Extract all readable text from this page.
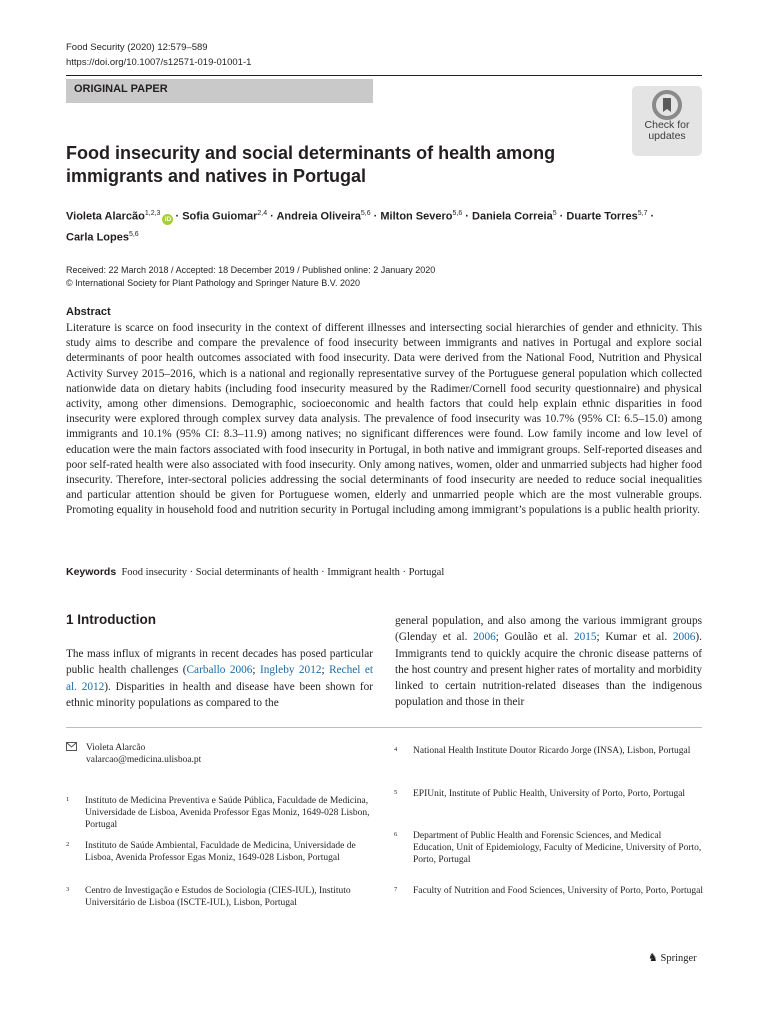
Food Security (2020) 12:579–589
https://doi.org/10.1007/s12571-019-01001-1
ORIGINAL PAPER
Check for updates
Food insecurity and social determinants of health among immigrants and natives in Portugal
Violeta Alarcão$^{1,2,3}$iD · Sofia Guiomar$^{2,4}$ · Andreia Oliveira$^{5,6}$ · Milton Severo$^{5,6}$ · Daniela Correia$^5$ · Duarte Torres$^{5,7}$ ·
Carla Lopes$^{5,6}$
Received: 22 March 2018 / Accepted: 18 December 2019 / Published online: 2 January 2020
© International Society for Plant Pathology and Springer Nature B.V. 2020
Abstract
Literature is scarce on food insecurity in the context of different illnesses and intersecting social hierarchies of gender and ethnicity. This study aims to describe and compare the prevalence of food insecurity between immigrants and natives in Portugal and explore social determinants of poor health outcomes associated with food insecurity. Data were derived from the National Food, Nutrition and Physical Activity Survey 2015–2016, which is a national and regionally representative survey of the Portuguese general population which collected nationwide data on dietary habits (including food insecurity measured by the Radimer/Cornell food security questionnaire) and physical activity, among other dimensions. Demographic, socioeconomic and health factors that could help explain ethnic disparities in food insecurity were explored through complex survey data analysis. The prevalence of food insecurity was 10.7% (95% CI: 6.5–15.0) among immigrants and 10.1% (95% CI: 8.3–11.9) among natives; no significant differences were found. Low family income and low level of education were the main factors associated with food insecurity in Portugal, in both native and immigrant groups. Self-reported diseases and poor self-rated health were also associated with food insecurity. Only among natives, women, older and unmarried subjects had higher food insecurity. Therefore, inter-sectoral policies addressing the social determinants of food insecurity are needed to reduce social inequalities and particular attention should be given for Portuguese women, elderly and unmarried people which are the most vulnerable groups. Promoting equality in household food and nutrition security in Portugal including among immigrant’s populations is a public health priority.
Keywords Food insecurity · Social determinants of health · Immigrant health · Portugal
1 Introduction
The mass influx of migrants in recent decades has posed particular public health challenges (Carballo 2006; Ingleby 2012; Rechel et al. 2012). Disparities in health and disease have been shown for ethnic minority populations as compared to the
general population, and also among the various immigrant groups (Glenday et al. 2006; Goulão et al. 2015; Kumar et al. 2006). Immigrants tend to quickly acquire the chronic disease patterns of the host country and present higher rates of mortality and morbidity linked to certain nutrition-related diseases than the indigenous population and those in their
Violeta Alarcão
valarcao@medicina.ulisboa.pt
1 Instituto de Medicina Preventiva e Saúde Pública, Faculdade de Medicina, Universidade de Lisboa, Avenida Professor Egas Moniz, 1649-028 Lisbon, Portugal
2 Instituto de Saúde Ambiental, Faculdade de Medicina, Universidade de Lisboa, Avenida Professor Egas Moniz, 1649-028 Lisbon, Portugal
3 Centro de Investigação e Estudos de Sociologia (CIES-IUL), Instituto Universitário de Lisboa (ISCTE-IUL), Lisbon, Portugal
4 National Health Institute Doutor Ricardo Jorge (INSA), Lisbon, Portugal
5 EPIUnit, Institute of Public Health, University of Porto, Porto, Portugal
6 Department of Public Health and Forensic Sciences, and Medical Education, Unit of Epidemiology, Faculty of Medicine, University of Porto, Porto, Portugal
7 Faculty of Nutrition and Food Sciences, University of Porto, Porto, Portugal
♞ Springer
